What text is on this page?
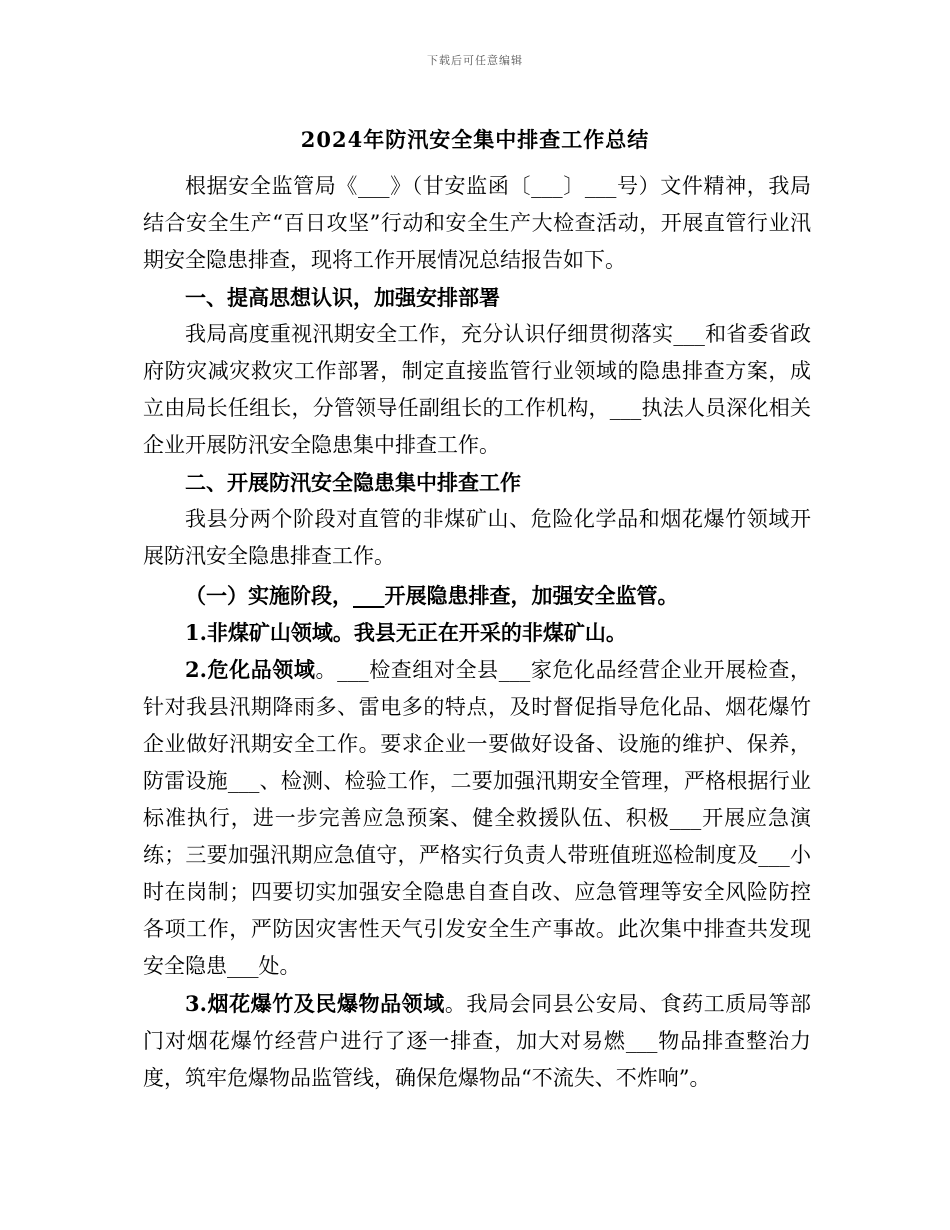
下载后可任意编辑
2024年防汛安全集中排查工作总结

根据安全监管局《___》（甘安监函〔___〕___号）文件精神，我局结合安全生产“百日攻坚”行动和安全生产大检查活动，开展直管行业汛期安全隐患排查，现将工作开展情况总结报告如下。

一、提高思想认识，加强安排部署

我局高度重视汛期安全工作，充分认识仔细贯彻落实___和省委省政府防灾减灾救灾工作部署，制定直接监管行业领域的隐患排查方案，成立由局长任组长，分管领导任副组长的工作机构，___执法人员深化相关企业开展防汛安全隐患集中排查工作。

二、开展防汛安全隐患集中排查工作

我县分两个阶段对直管的非煤矿山、危险化学品和烟花爆竹领域开展防汛安全隐患排查工作。

（一）实施阶段，___开展隐患排查，加强安全监管。

1.非煤矿山领域。我县无正在开采的非煤矿山。

2.危化品领域。___检查组对全县___家危化品经营企业开展检查，针对我县汛期降雨多、雷电多的特点，及时督促指导危化品、烟花爆竹企业做好汛期安全工作。要求企业一要做好设备、设施的维护、保养，防雷设施___、检测、检验工作，二要加强汛期安全管理，严格根据行业标准执行，进一步完善应急预案、健全救援队伍、积极___开展应急演练；三要加强汛期应急值守，严格实行负责人带班值班巡检制度及___小时在岗制；四要切实加强安全隐患自查自改、应急管理等安全风险防控各项工作，严防因灾害性天气引发安全生产事故。此次集中排查共发现安全隐患___处。

3.烟花爆竹及民爆物品领域。我局会同县公安局、食药工质局等部门对烟花爆竹经营户进行了逐一排查，加大对易燃___物品排查整治力度，筑牢危爆物品监管线，确保危爆物品“不流失、不炸响”。
